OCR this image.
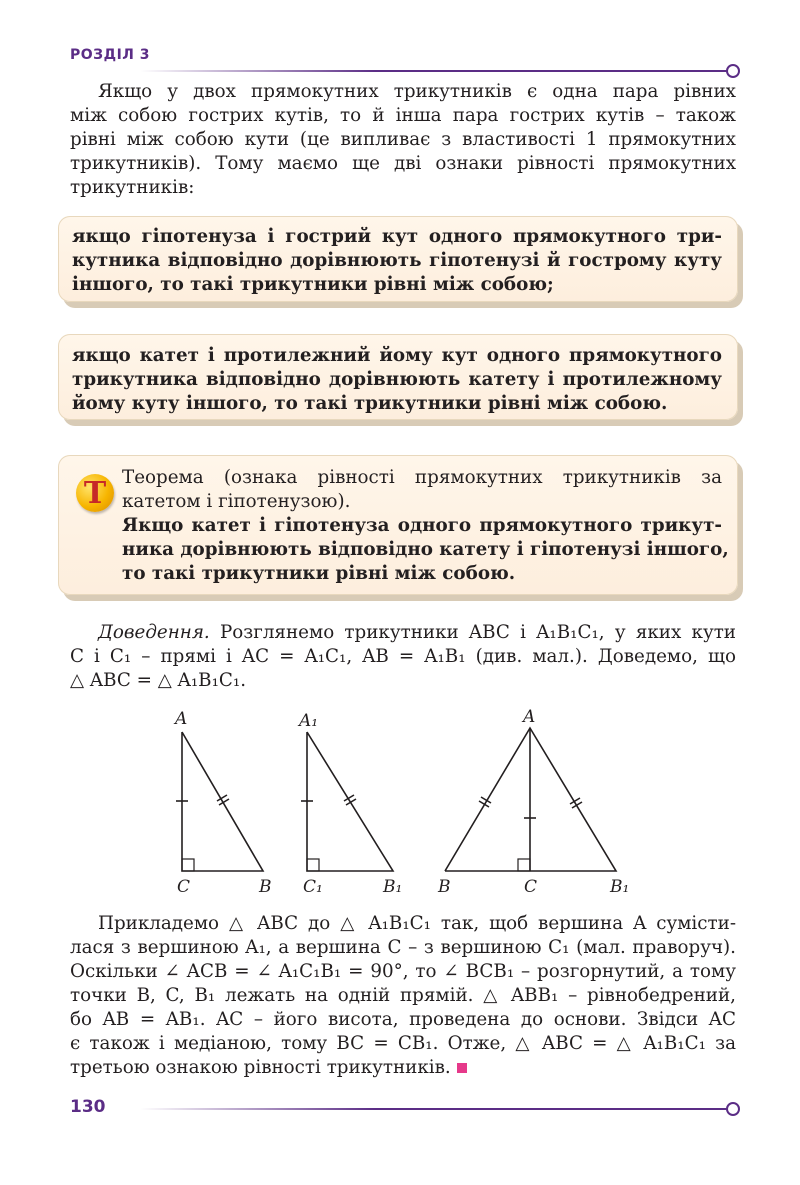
РОЗДІЛ 3
Якщо у двох прямокутних трикутників є одна пара рівних
між собою гострих кутів, то й інша пара гострих кутів – також
рівні між собою кути (це випливає з властивості 1 прямокутних
трикутників). Тому маємо ще дві ознаки рівності прямокутних
трикутників:
якщо гіпотенуза і гострий кут одного прямокутного три-
кутника відповідно дорівнюють гіпотенузі й гострому куту
іншого, то такі трикутники рівні між собою;
якщо катет і протилежний йому кут одного прямокутного
трикутника відповідно дорівнюють катету і протилежному
йому куту іншого, то такі трикутники рівні між собою.
Т Теорема (ознака рівності прямокутних трикутників за
катетом і гіпотенузою).
Якщо катет і гіпотенуза одного прямокутного трикут-
ника дорівнюють відповідно катету і гіпотенузі іншого,
то такі трикутники рівні між собою.
Доведення. Розглянемо трикутники ABC і A₁B₁C₁, у яких кути
C і C₁ – прямі і AC = A₁C₁, AB = A₁B₁ (див. мал.). Доведемо, що
△ ABC = △ A₁B₁C₁.
A
C	B
A₁
C₁	B₁
A
B	C	B₁
Прикладемо △ ABC до △ A₁B₁C₁ так, щоб вершина A сумісти-
лася з вершиною A₁, а вершина C – з вершиною C₁ (мал. праворуч).
Оскільки ∠ ACB = ∠ A₁C₁B₁ = 90°, то ∠ BCB₁ – розгорнутий, а тому
точки B, C, B₁ лежать на одній прямій. △ ABB₁ – рівнобедрений,
бо AB = AB₁. AC – його висота, проведена до основи. Звідси AC
є також і медіаною, тому BC = CB₁. Отже, △ ABC = △ A₁B₁C₁ за
третьою ознакою рівності трикутників.
130
